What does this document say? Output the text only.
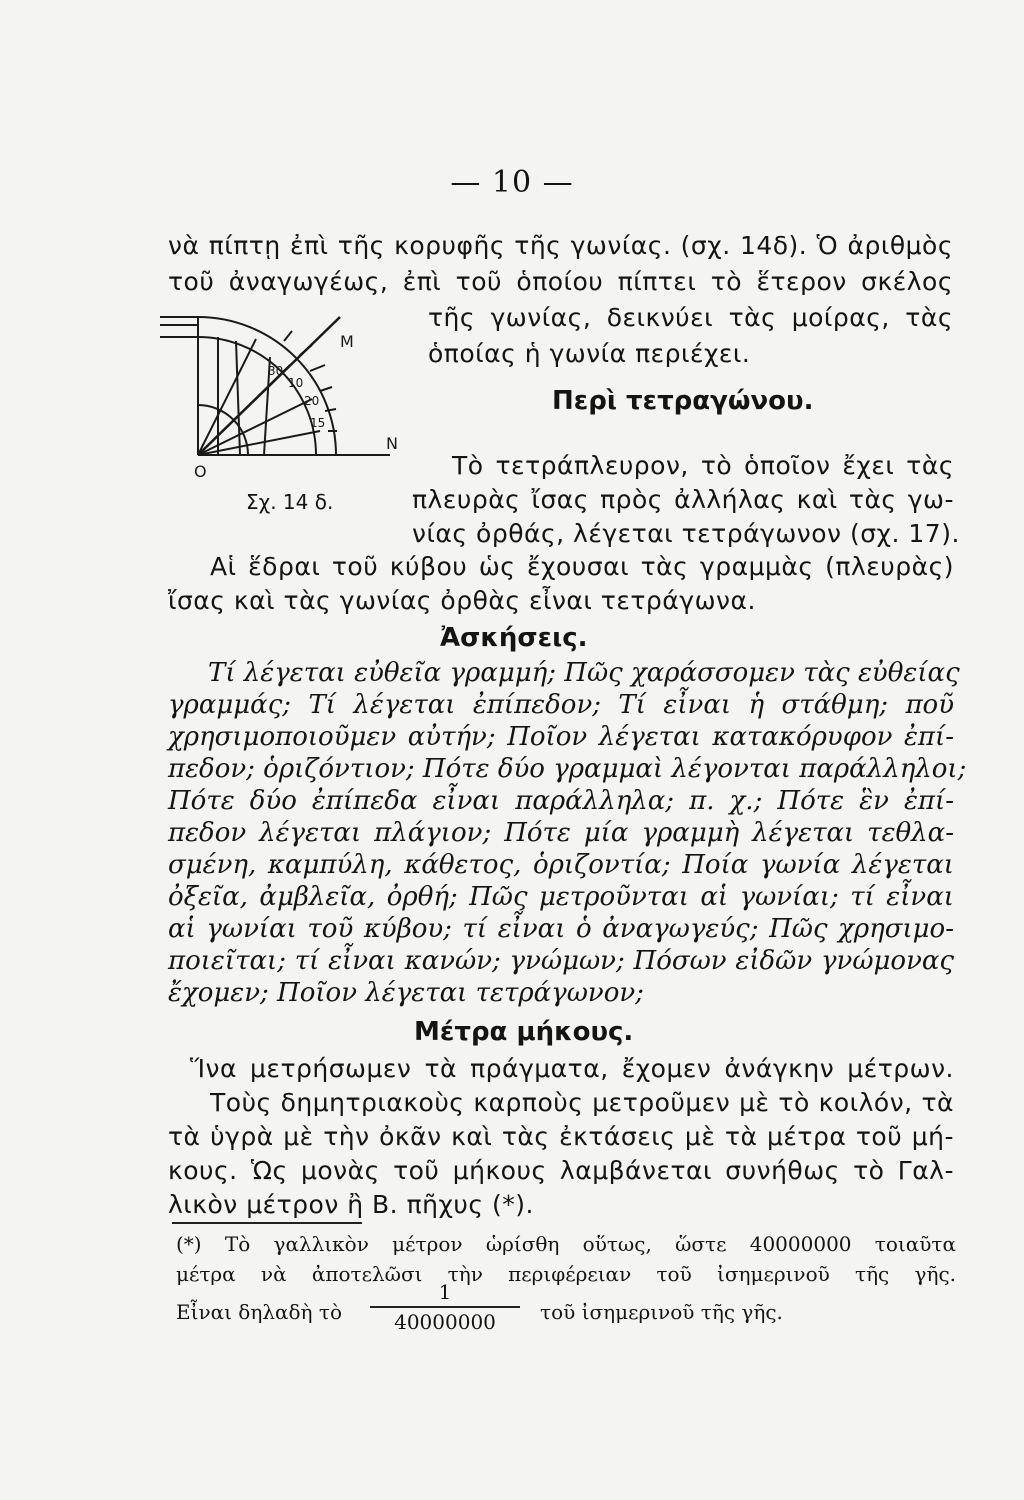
— 10 —
νὰ πίπτῃ ἐπὶ τῆς κορυφῆς τῆς γωνίας. (σχ. 14δ). Ὁ ἀριθμὸς
τοῦ ἀναγωγέως, ἐπὶ τοῦ ὁποίου πίπτει τὸ ἕτερον σκέλος
τῆς γωνίας, δεικνύει τὰς μοίρας, τὰς
ὁποίας ἡ γωνία περιέχει.
10
20
30
15
Μ
Ν
Ο
Σχ. 14 δ.
Περὶ τετραγώνου.
Τὸ τετράπλευρον, τὸ ὁποῖον ἔχει τὰς
πλευρὰς ἴσας πρὸς ἀλλήλας καὶ τὰς γω-
νίας ὀρθάς, λέγεται τετράγωνον (σχ. 17).
Αἱ ἕδραι τοῦ κύβου ὡς ἔχουσαι τὰς γραμμὰς (πλευρὰς)
ἴσας καὶ τὰς γωνίας ὀρθὰς εἶναι τετράγωνα.
Ἀσκήσεις.
Τί λέγεται εὐθεῖα γραμμή; Πῶς χαράσσομεν τὰς εὐθείας
γραμμάς; Τί λέγεται ἐπίπεδον; Τί εἶναι ἡ στάθμη; ποῦ
χρησιμοποιοῦμεν αὐτήν; Ποῖον λέγεται κατακόρυφον ἐπί-
πεδον; ὁριζόντιον; Πότε δύο γραμμαὶ λέγονται παράλληλοι;
Πότε δύο ἐπίπεδα εἶναι παράλληλα; π. χ.; Πότε ἓν ἐπί-
πεδον λέγεται πλάγιον; Πότε μία γραμμὴ λέγεται τεθλα-
σμένη, καμπύλη, κάθετος, ὁριζοντία; Ποία γωνία λέγεται
ὀξεῖα, ἀμβλεῖα, ὀρθή; Πῶς μετροῦνται αἱ γωνίαι; τί εἶναι
αἱ γωνίαι τοῦ κύβου; τί εἶναι ὁ ἀναγωγεύς; Πῶς χρησιμο-
ποιεῖται; τί εἶναι κανών; γνώμων; Πόσων εἰδῶν γνώμονας
ἔχομεν; Ποῖον λέγεται τετράγωνον;
Μέτρα μήκους.
Ἵνα μετρήσωμεν τὰ πράγματα, ἔχομεν ἀνάγκην μέτρων.
Τοὺς δημητριακοὺς καρποὺς μετροῦμεν μὲ τὸ κοιλόν, τὰ
τὰ ὑγρὰ μὲ τὴν ὀκᾶν καὶ τὰς ἐκτάσεις μὲ τὰ μέτρα τοῦ μή-
κους. Ὡς μονὰς τοῦ μήκους λαμβάνεται συνήθως τὸ Γαλ-
λικὸν μέτρον ἢ Β. πῆχυς (*).
(*) Τὸ γαλλικὸν μέτρον ὡρίσθη οὕτως, ὥστε 40000000 τοιαῦτα
μέτρα νὰ ἀποτελῶσι τὴν περιφέρειαν τοῦ ἰσημερινοῦ τῆς γῆς.
Εἶναι δηλαδὴ τὸ $\frac{1}{40000000}$ τοῦ ἰσημερινοῦ τῆς γῆς.
